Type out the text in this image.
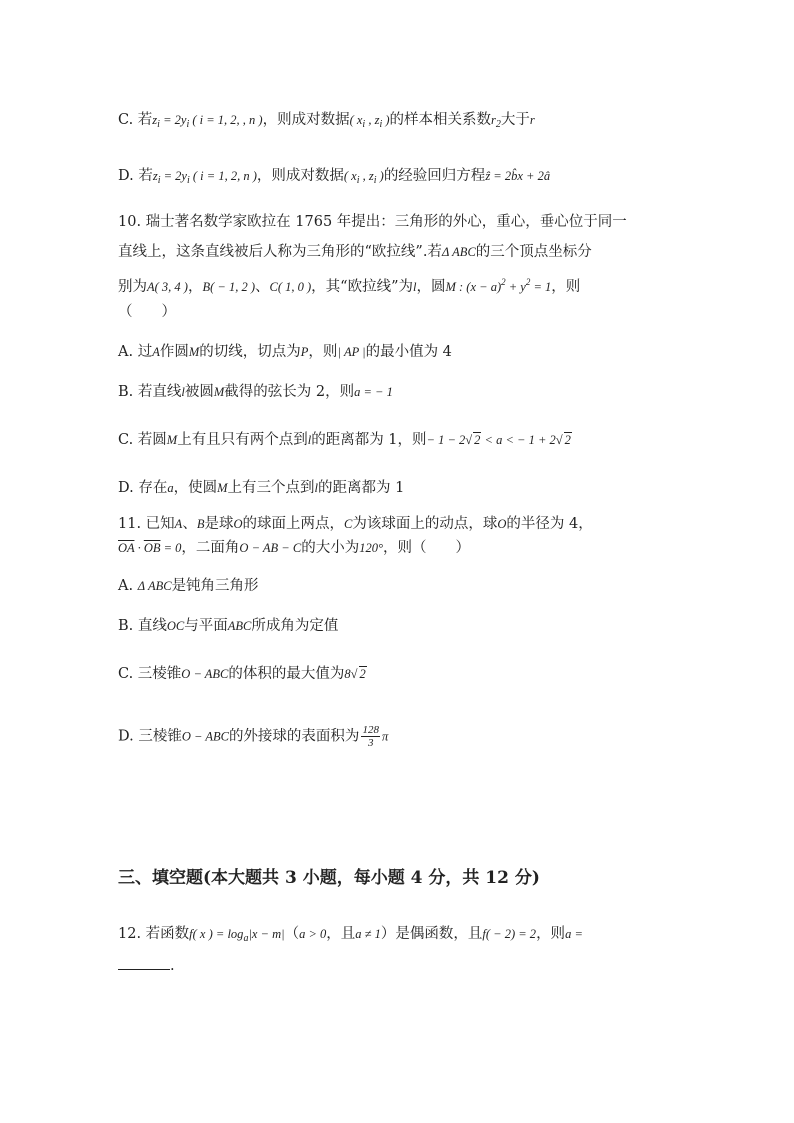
C. 若$z_i = 2y_i$ ( i = 1, 2, , n )，则成对数据( $x_i$ , $z_i$ )的样本相关系数$r_2$大于r
D. 若$z_i = 2y_i$ ( i = 1, 2, n )，则成对数据( $x_i$ , $z_i$ )的经验回归方程ẑ = 2b̂x + 2â
10. 瑞士著名数学家欧拉在 1765 年提出：三角形的外心，重心，垂心位于同一
直线上，这条直线被后人称为三角形的“欧拉线”.若Δ ABC的三个顶点坐标分
别为A( 3, 4 )，B( − 1, 2 )、C( 1, 0 )，其“欧拉线”为l，圆M : $(x - a)^2 + y^2 = 1$，则
（　　）
A. 过A作圆M的切线，切点为P，则| AP |的最小值为 4
B. 若直线l被圆M截得的弦长为 2，则a = − 1
C. 若圆M上有且只有两个点到l的距离都为 1，则− 1 − 2√ 2 < a < − 1 + 2√ 2
D. 存在a，使圆M上有三个点到l的距离都为 1
11. 已知A、B是球O的球面上两点，C为该球面上的动点，球O的半径为 4，
$\overline{OA} \cdot \overline{OB} = 0$，二面角O − AB − C的大小为120°，则（　　）
A. Δ ABC是钝角三角形
B. 直线OC与平面ABC所成角为定值
C. 三棱锥O − ABC的体积的最大值为8√ 2
D. 三棱锥O − ABC的外接球的表面积为 $\frac{128}{3}$ π
三、填空题(本大题共 3 小题，每小题 4 分，共 12 分)
12. 若函数f( x ) = $\log_a|x - m|(a > 0$，且a ≠ 1）是偶函数，且f( − 2) = 2，则a =
.
